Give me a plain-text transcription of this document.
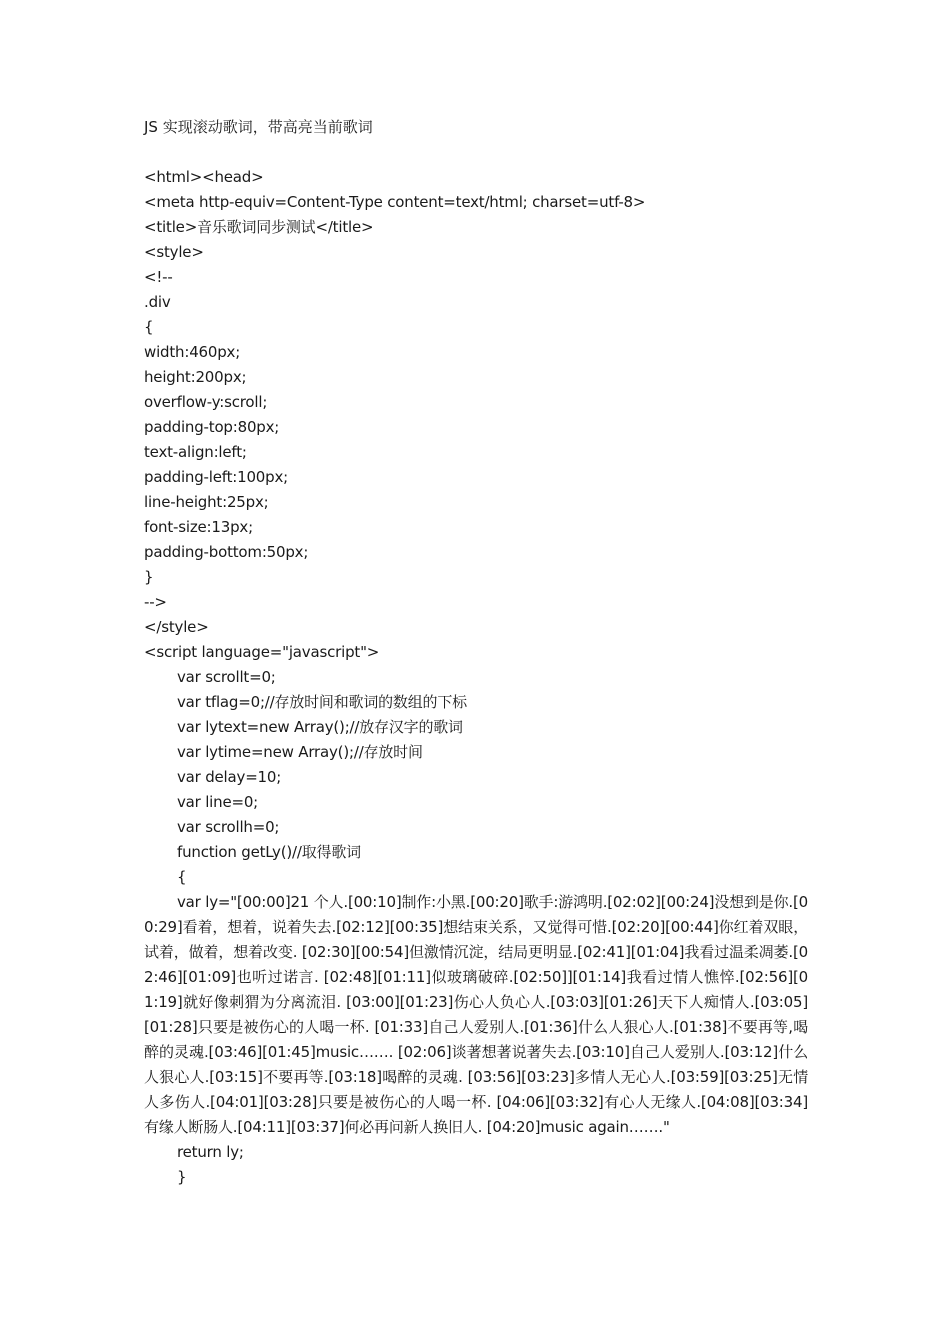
JS 实现滚动歌词，带高亮当前歌词
<html><head>
<meta http-equiv=Content-Type content=text/html; charset=utf-8>
<title>音乐歌词同步测试</title>
<style>
<!--
.div
{
width:460px;
height:200px;
overflow-y:scroll;
padding-top:80px;
text-align:left;
padding-left:100px;
line-height:25px;
font-size:13px;
padding-bottom:50px;
}
-->
</style>
<script language="javascript">
var scrollt=0;
var tflag=0;//存放时间和歌词的数组的下标
var lytext=new Array();//放存汉字的歌词
var lytime=new Array();//存放时间
var delay=10;
var line=0;
var scrollh=0;
function getLy()//取得歌词
{
var ly="[00:00]21 个人.[00:10]制作:小黑.[00:20]歌手:游鸿明.[02:02][00:24]没想到是你.[00:29]看着，想着，说着失去.[02:12][00:35]想结束关系，又觉得可惜.[02:20][00:44]你红着双眼，试着，做着，想着改变. [02:30][00:54]但激情沉淀，结局更明显.[02:41][01:04]我看过温柔凋萎.[02:46][01:09]也听过诺言. [02:48][01:11]似玻璃破碎.[02:50]][01:14]我看过情人憔悴.[02:56][01:19]就好像刺猬为分离流泪. [03:00][01:23]伤心人负心人.[03:03][01:26]天下人痴情人.[03:05][01:28]只要是被伤心的人喝一杯. [01:33]自己人爱别人.[01:36]什么人狠心人.[01:38]不要再等,喝醉的灵魂.[03:46][01:45]music……. [02:06]谈著想著说著失去.[03:10]自己人爱别人.[03:12]什么人狠心人.[03:15]不要再等.[03:18]喝醉的灵魂. [03:56][03:23]多情人无心人.[03:59][03:25]无情人多伤人.[04:01][03:28]只要是被伤心的人喝一杯. [04:06][03:32]有心人无缘人.[04:08][03:34]有缘人断肠人.[04:11][03:37]何必再问新人换旧人. [04:20]music again……."
return ly;
}
